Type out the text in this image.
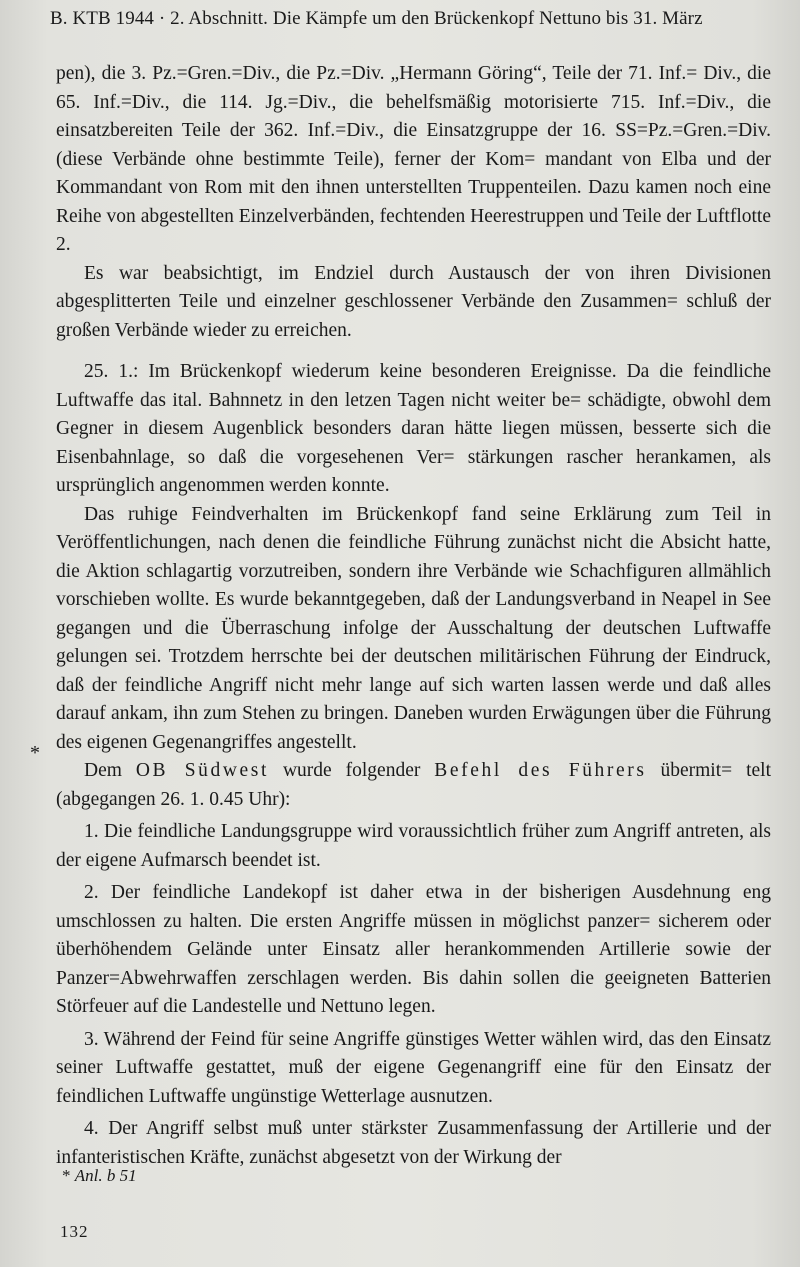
B. KTB 1944 · 2. Abschnitt. Die Kämpfe um den Brückenkopf Nettuno bis 31. März

pen), die 3. Pz.=Gren.=Div., die Pz.=Div. „Hermann Göring“, Teile der 71. Inf.= Div., die 65. Inf.=Div., die 114. Jg.=Div., die behelfsmäßig motorisierte 715. Inf.=Div., die einsatzbereiten Teile der 362. Inf.=Div., die Einsatzgruppe der 16. SS=Pz.=Gren.=Div. (diese Verbände ohne bestimmte Teile), ferner der Kom= mandant von Elba und der Kommandant von Rom mit den ihnen unterstellten Truppenteilen. Dazu kamen noch eine Reihe von abgestellten Einzelverbänden, fechtenden Heerestruppen und Teile der Luftflotte 2.

Es war beabsichtigt, im Endziel durch Austausch der von ihren Divisionen abgesplitterten Teile und einzelner geschlossener Verbände den Zusammen= schluß der großen Verbände wieder zu erreichen.

25. 1.: Im Brückenkopf wiederum keine besonderen Ereignisse. Da die feindliche Luftwaffe das ital. Bahnnetz in den letzen Tagen nicht weiter be= schädigte, obwohl dem Gegner in diesem Augenblick besonders daran hätte liegen müssen, besserte sich die Eisenbahnlage, so daß die vorgesehenen Ver= stärkungen rascher herankamen, als ursprünglich angenommen werden konnte.

Das ruhige Feindverhalten im Brückenkopf fand seine Erklärung zum Teil in Veröffentlichungen, nach denen die feindliche Führung zunächst nicht die Absicht hatte, die Aktion schlagartig vorzutreiben, sondern ihre Verbände wie Schachfiguren allmählich vorschieben wollte. Es wurde bekanntgegeben, daß der Landungsverband in Neapel in See gegangen und die Überraschung infolge der Ausschaltung der deutschen Luftwaffe gelungen sei. Trotzdem herrschte bei der deutschen militärischen Führung der Eindruck, daß der feindliche Angriff nicht mehr lange auf sich warten lassen werde und daß alles darauf ankam, ihn zum Stehen zu bringen. Daneben wurden Erwägungen über die Führung des eigenen Gegenangriffes angestellt.

Dem OB Südwest wurde folgender Befehl des Führers übermit= telt (abgegangen 26. 1. 0.45 Uhr):

1. Die feindliche Landungsgruppe wird voraussichtlich früher zum Angriff antreten, als der eigene Aufmarsch beendet ist.

2. Der feindliche Landekopf ist daher etwa in der bisherigen Ausdehnung eng umschlossen zu halten. Die ersten Angriffe müssen in möglichst panzer= sicherem oder überhöhendem Gelände unter Einsatz aller herankommenden Artillerie sowie der Panzer=Abwehrwaffen zerschlagen werden. Bis dahin sollen die geeigneten Batterien Störfeuer auf die Landestelle und Nettuno legen.

3. Während der Feind für seine Angriffe günstiges Wetter wählen wird, das den Einsatz seiner Luftwaffe gestattet, muß der eigene Gegenangriff eine für den Einsatz der feindlichen Luftwaffe ungünstige Wetterlage ausnutzen.

4. Der Angriff selbst muß unter stärkster Zusammenfassung der Artillerie und der infanteristischen Kräfte, zunächst abgesetzt von der Wirkung der

*
* Anl. b 51
132
